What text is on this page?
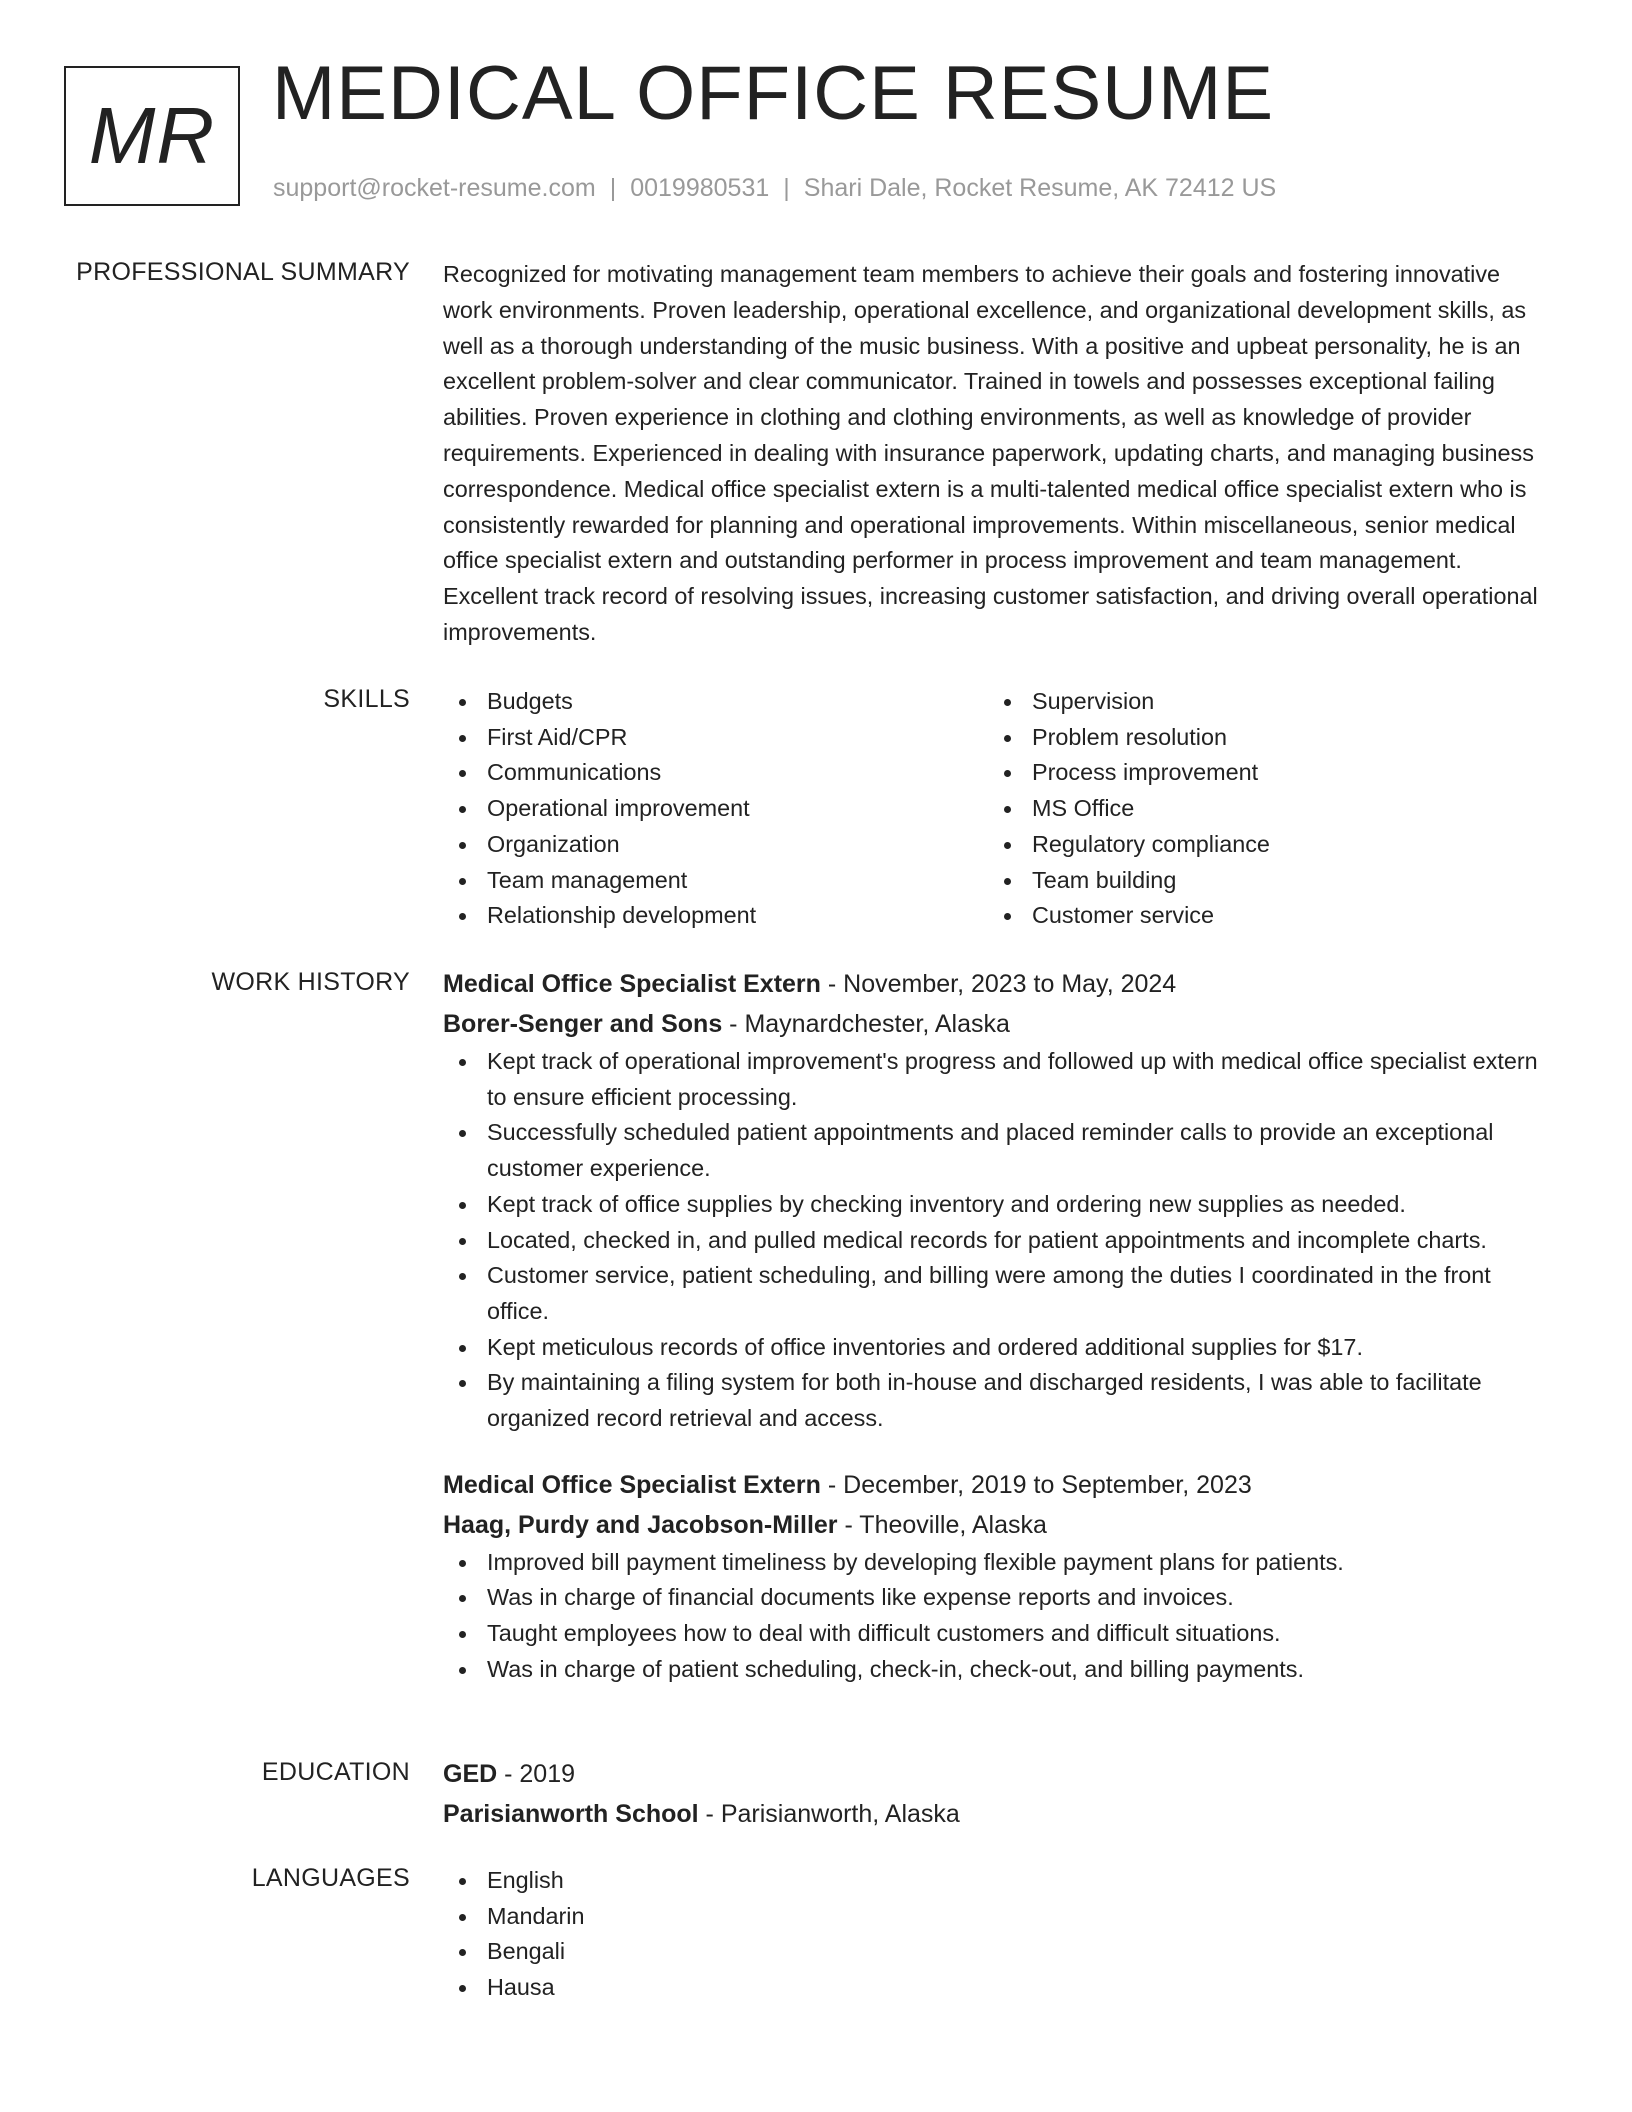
MR MEDICAL OFFICE RESUME
support@rocket-resume.com | 0019980531 | Shari Dale, Rocket Resume, AK 72412 US
PROFESSIONAL SUMMARY Recognized for motivating management team members to achieve their goals and fostering innovative work environments. Proven leadership, operational excellence, and organizational development skills, as well as a thorough understanding of the music business. With a positive and upbeat personality, he is an excellent problem-solver and clear communicator. Trained in towels and possesses exceptional failing abilities. Proven experience in clothing and clothing environments, as well as knowledge of provider requirements. Experienced in dealing with insurance paperwork, updating charts, and managing business correspondence. Medical office specialist extern is a multi-talented medical office specialist extern who is consistently rewarded for planning and operational improvements. Within miscellaneous, senior medical office specialist extern and outstanding performer in process improvement and team management. Excellent track record of resolving issues, increasing customer satisfaction, and driving overall operational improvements.

SKILLS	Budgets
First Aid/CPR
Communications
Operational improvement
Organization
Team management
Relationship development
Supervision
Problem resolution
Process improvement
MS Office
Regulatory compliance
Team building
Customer service
WORK HISTORY Medical Office Specialist Extern - November, 2023 to May, 2024
Borer-Senger and Sons - Maynardchester, Alaska
Kept track of operational improvement's progress and followed up with medical office specialist extern to ensure efficient processing.
Successfully scheduled patient appointments and placed reminder calls to provide an exceptional customer experience.
Kept track of office supplies by checking inventory and ordering new supplies as needed.
Located, checked in, and pulled medical records for patient appointments and incomplete charts.
Customer service, patient scheduling, and billing were among the duties I coordinated in the front office.
Kept meticulous records of office inventories and ordered additional supplies for $17.
By maintaining a filing system for both in-house and discharged residents, I was able to facilitate organized record retrieval and access.
Medical Office Specialist Extern - December, 2019 to September, 2023
Haag, Purdy and Jacobson-Miller - Theoville, Alaska
Improved bill payment timeliness by developing flexible payment plans for patients.
Was in charge of financial documents like expense reports and invoices.
Taught employees how to deal with difficult customers and difficult situations.
Was in charge of patient scheduling, check-in, check-out, and billing payments.
EDUCATION GED - 2019
Parisianworth School - Parisianworth, Alaska
LANGUAGES	English
Mandarin
Bengali
Hausa
